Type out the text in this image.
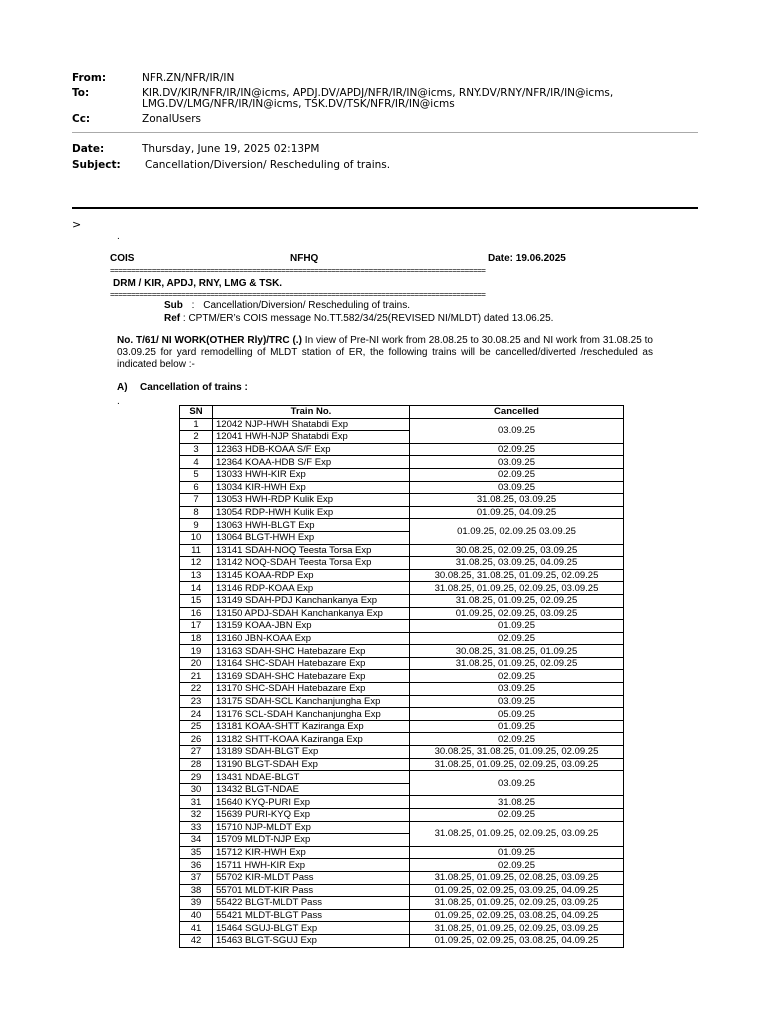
From:	NFR.ZN/NFR/IR/IN
To:	KIR.DV/KIR/NFR/IR/IN@icms, APDJ.DV/APDJ/NFR/IR/IN@icms, RNY.DV/RNY/NFR/IR/IN@icms,
LMG.DV/LMG/NFR/IR/IN@icms, TSK.DV/TSK/NFR/IR/IN@icms
Cc:	ZonalUsers
Date:	Thursday, June 19, 2025 02:13PM
Subject:	Cancellation/Diversion/ Rescheduling of trains.
>
.
COIS	NFHQ	Date: 19.06.2025
==========================================================================================
DRM / KIR, APDJ, RNY, LMG & TSK.
==========================================================================================
Sub : Cancellation/Diversion/ Rescheduling of trains.
Ref : CPTM/ER’s COIS message No.TT.582/34/25(REVISED NI/MLDT) dated 13.06.25.
No. T/61/ NI WORK(OTHER Rly)/TRC (.) In view of Pre-NI work from 28.08.25 to 30.08.25 and NI work from 31.08.25 to 03.09.25 for yard remodelling of MLDT station of ER, the following trains will be cancelled/diverted /rescheduled as indicated below :-
A) Cancellation of trains :
.
SN	Train No.	Cancelled
1	12042 NJP-HWH Shatabdi Exp	03.09.25
2	12041 HWH-NJP Shatabdi Exp	
3	12363 HDB-KOAA S/F Exp	02.09.25
4	12364 KOAA-HDB S/F Exp	03.09.25
5	13033 HWH-KIR Exp	02.09.25
6	13034 KIR-HWH Exp	03.09.25
7	13053 HWH-RDP Kulik Exp	31.08.25, 03.09.25
8	13054 RDP-HWH Kulik Exp	01.09.25, 04.09.25
9	13063 HWH-BLGT Exp	01.09.25, 02.09.25 03.09.25
10	13064 BLGT-HWH Exp	
11	13141 SDAH-NOQ Teesta Torsa Exp	30.08.25, 02.09.25, 03.09.25
12	13142 NOQ-SDAH Teesta Torsa Exp	31.08.25, 03.09.25, 04.09.25
13	13145 KOAA-RDP Exp	30.08.25, 31.08.25, 01.09.25, 02.09.25
14	13146 RDP-KOAA Exp	31.08.25, 01.09.25, 02.09.25, 03.09.25
15	13149 SDAH-PDJ Kanchankanya Exp	31.08.25, 01.09.25, 02.09.25
16	13150 APDJ-SDAH Kanchankanya Exp	01.09.25, 02.09.25, 03.09.25
17	13159 KOAA-JBN Exp	01.09.25
18	13160 JBN-KOAA Exp	02.09.25
19	13163 SDAH-SHC Hatebazare Exp	30.08.25, 31.08.25, 01.09.25
20	13164 SHC-SDAH Hatebazare Exp	31.08.25, 01.09.25, 02.09.25
21	13169 SDAH-SHC Hatebazare Exp	02.09.25
22	13170 SHC-SDAH Hatebazare Exp	03.09.25
23	13175 SDAH-SCL Kanchanjungha Exp	03.09.25
24	13176 SCL-SDAH Kanchanjungha Exp	05.09.25
25	13181 KOAA-SHTT Kaziranga Exp	01.09.25
26	13182 SHTT-KOAA Kaziranga Exp	02.09.25
27	13189 SDAH-BLGT Exp	30.08.25, 31.08.25, 01.09.25, 02.09.25
28	13190 BLGT-SDAH Exp	31.08.25, 01.09.25, 02.09.25, 03.09.25
29	13431 NDAE-BLGT	03.09.25
30	13432 BLGT-NDAE	
31	15640 KYQ-PURI Exp	31.08.25
32	15639 PURI-KYQ Exp	02.09.25
33	15710 NJP-MLDT Exp	31.08.25, 01.09.25, 02.09.25, 03.09.25
34	15709 MLDT-NJP Exp	
35	15712 KIR-HWH Exp	01.09.25
36	15711 HWH-KIR Exp	02.09.25
37	55702 KIR-MLDT Pass	31.08.25, 01.09.25, 02.08.25, 03.09.25
38	55701 MLDT-KIR Pass	01.09.25, 02.09.25, 03.09.25, 04.09.25
39	55422 BLGT-MLDT Pass	31.08.25, 01.09.25, 02.09.25, 03.09.25
40	55421 MLDT-BLGT Pass	01.09.25, 02.09.25, 03.08.25, 04.09.25
41	15464 SGUJ-BLGT Exp	31.08.25, 01.09.25, 02.09.25, 03.09.25
42	15463 BLGT-SGUJ Exp	01.09.25, 02.09.25, 03.08.25, 04.09.25
